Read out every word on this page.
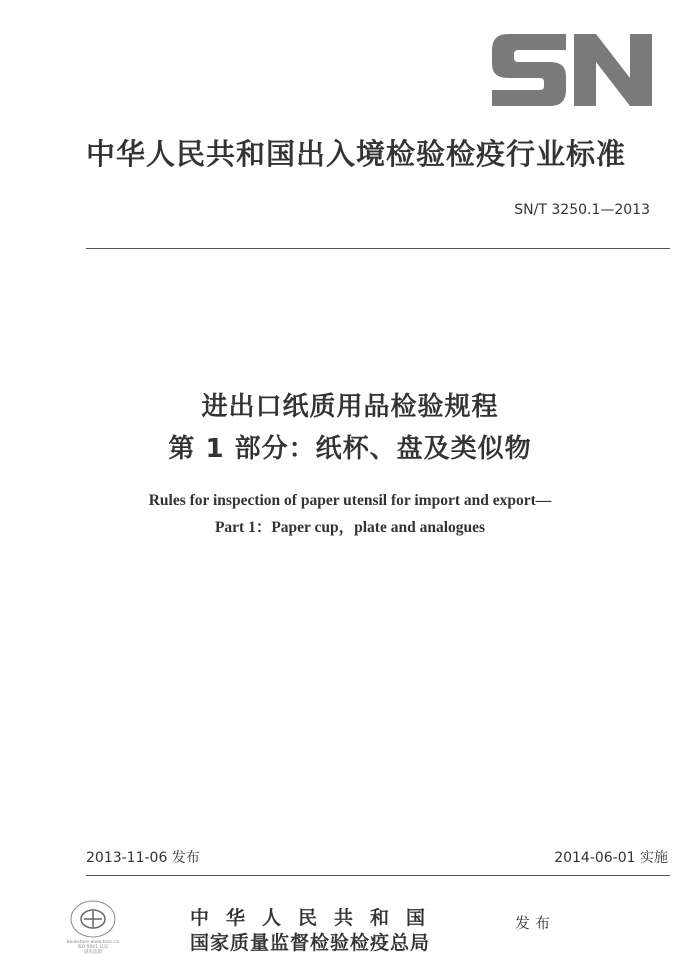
SN
中华人民共和国出入境检验检疫行业标准
SN/T 3250.1—2013
进出口纸质用品检验规程
第 1 部分：纸杯、盘及类似物
Rules for inspection of paper utensil for import and export—
Part 1：Paper cup，plate and analogues
2013-11-06 发布	2014-06-01 实施
bookstore-www.bzsc.cn
ISO 9001 认证
副本监制
中华人民共和国
国家质量监督检验检疫总局
发布
